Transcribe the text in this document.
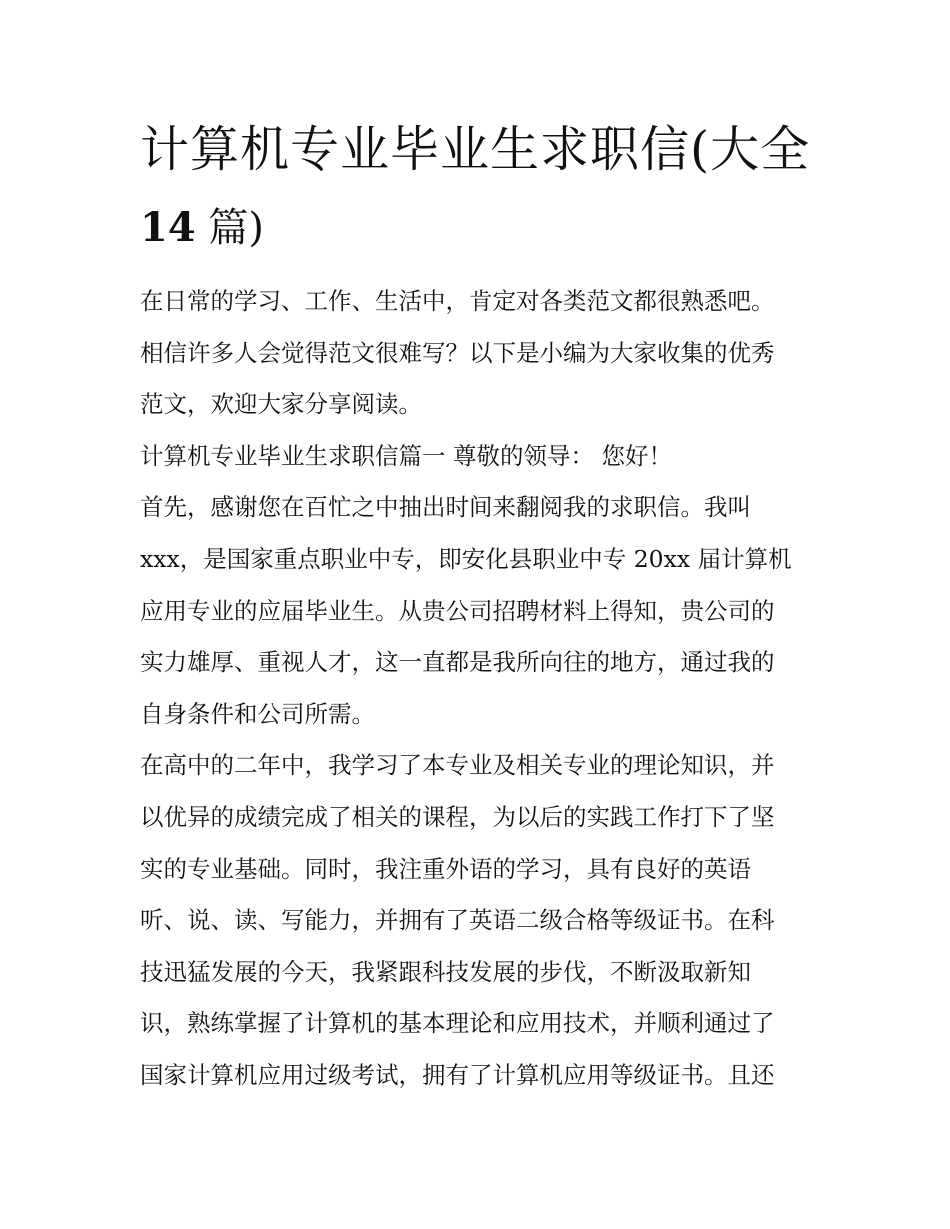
计算机专业毕业生求职信(大全
14 篇)
在日常的学习、工作、生活中，肯定对各类范文都很熟悉吧。
相信许多人会觉得范文很难写？以下是小编为大家收集的优秀
范文，欢迎大家分享阅读。
计算机专业毕业生求职信篇一 尊敬的领导： 您好！
首先，感谢您在百忙之中抽出时间来翻阅我的求职信。我叫
xxx，是国家重点职业中专，即安化县职业中专 20xx 届计算机
应用专业的应届毕业生。从贵公司招聘材料上得知，贵公司的
实力雄厚、重视人才，这一直都是我所向往的地方，通过我的
自身条件和公司所需。
在高中的二年中，我学习了本专业及相关专业的理论知识，并
以优异的成绩完成了相关的课程，为以后的实践工作打下了坚
实的专业基础。同时，我注重外语的学习，具有良好的英语
听、说、读、写能力，并拥有了英语二级合格等级证书。在科
技迅猛发展的今天，我紧跟科技发展的步伐，不断汲取新知
识，熟练掌握了计算机的基本理论和应用技术，并顺利通过了
国家计算机应用过级考试，拥有了计算机应用等级证书。且还
